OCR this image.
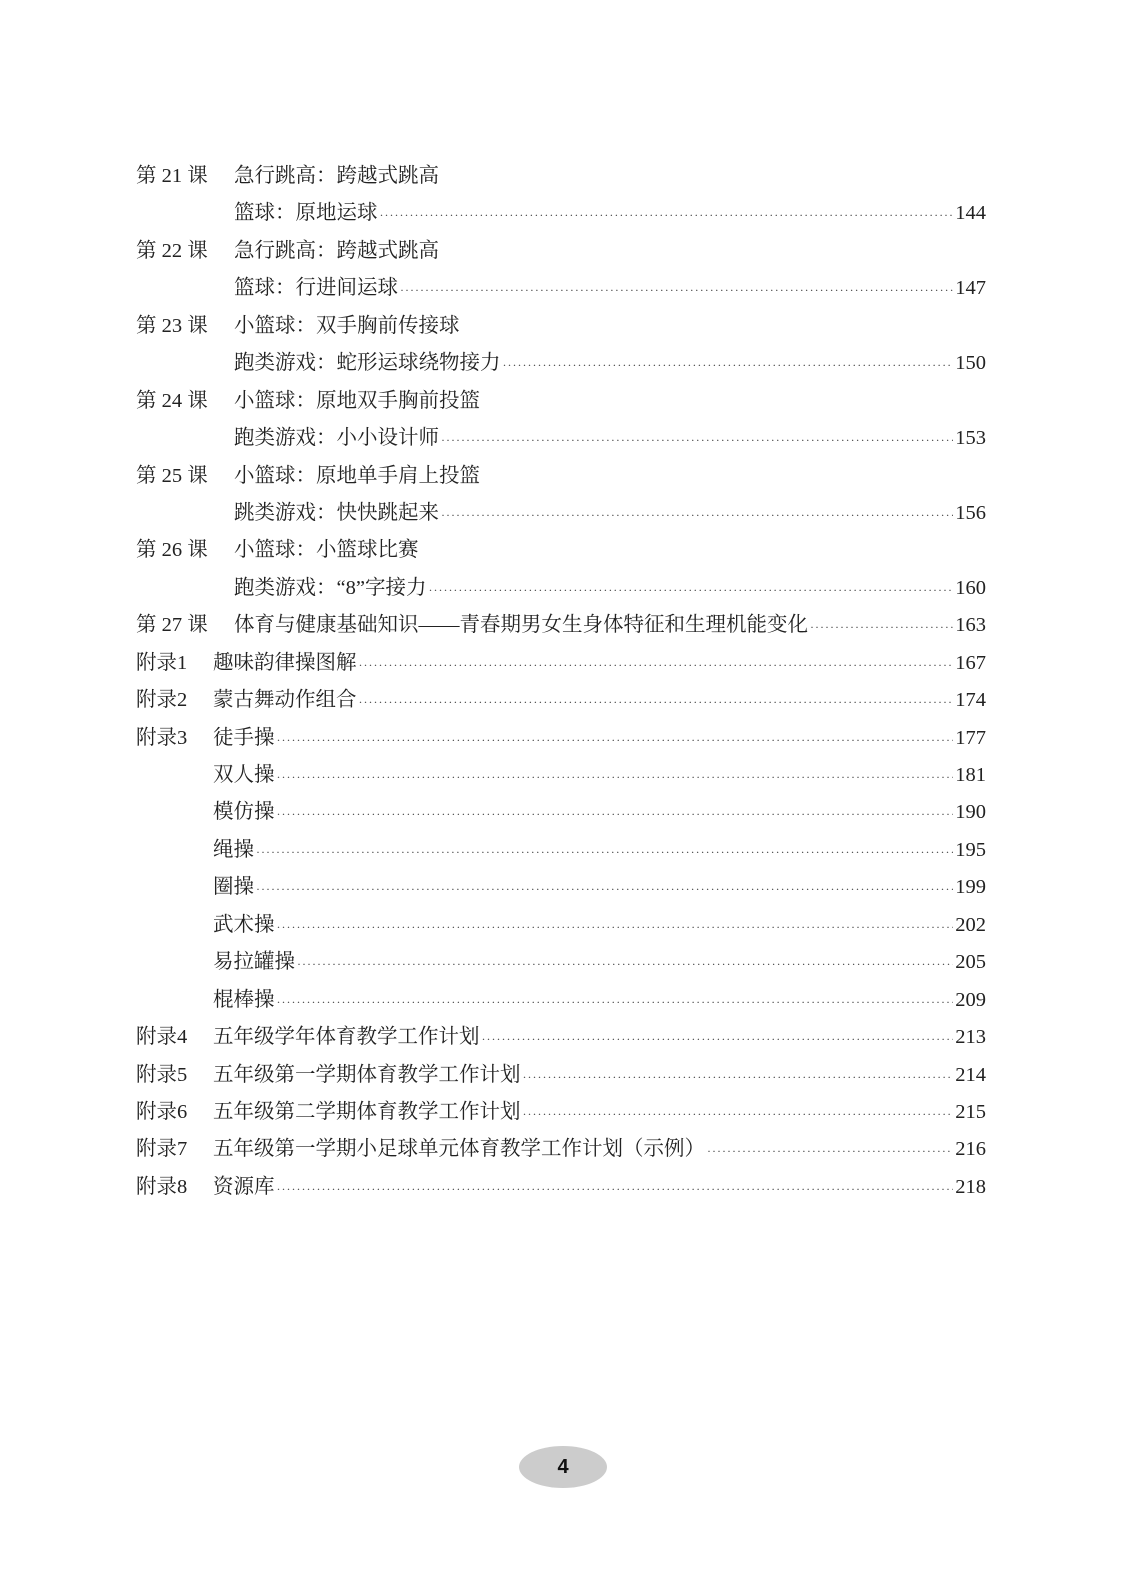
第 21 课 急行跳高：跨越式跳高
篮球：原地运球 ·····	144
第 22 课 急行跳高：跨越式跳高
篮球：行进间运球 ·····	147
第 23 课 小篮球：双手胸前传接球
跑类游戏：蛇形运球绕物接力 ·····	150
第 24 课 小篮球：原地双手胸前投篮
跑类游戏：小小设计师 ·····	153
第 25 课 小篮球：原地单手肩上投篮
跳类游戏：快快跳起来 ·····	156
第 26 课 小篮球：小篮球比赛
跑类游戏：“8”字接力 ·····	160
第 27 课 体育与健康基础知识——青春期男女生身体特征和生理机能变化 ·····	163
附录1 趣味韵律操图解 ·····	167
附录2 蒙古舞动作组合 ·····	174
附录3 徒手操 ·····	177
双人操 ·····	181
模仿操 ·····	190
绳操 ·····	195
圈操 ·····	199
武术操 ·····	202
易拉罐操 ·····	205
棍棒操 ·····	209
附录4 五年级学年体育教学工作计划 ·····	213
附录5 五年级第一学期体育教学工作计划 ·····	214
附录6 五年级第二学期体育教学工作计划 ·····	215
附录7 五年级第一学期小足球单元体育教学工作计划（示例） ·····	216
附录8 资源库 ·····	218
4
